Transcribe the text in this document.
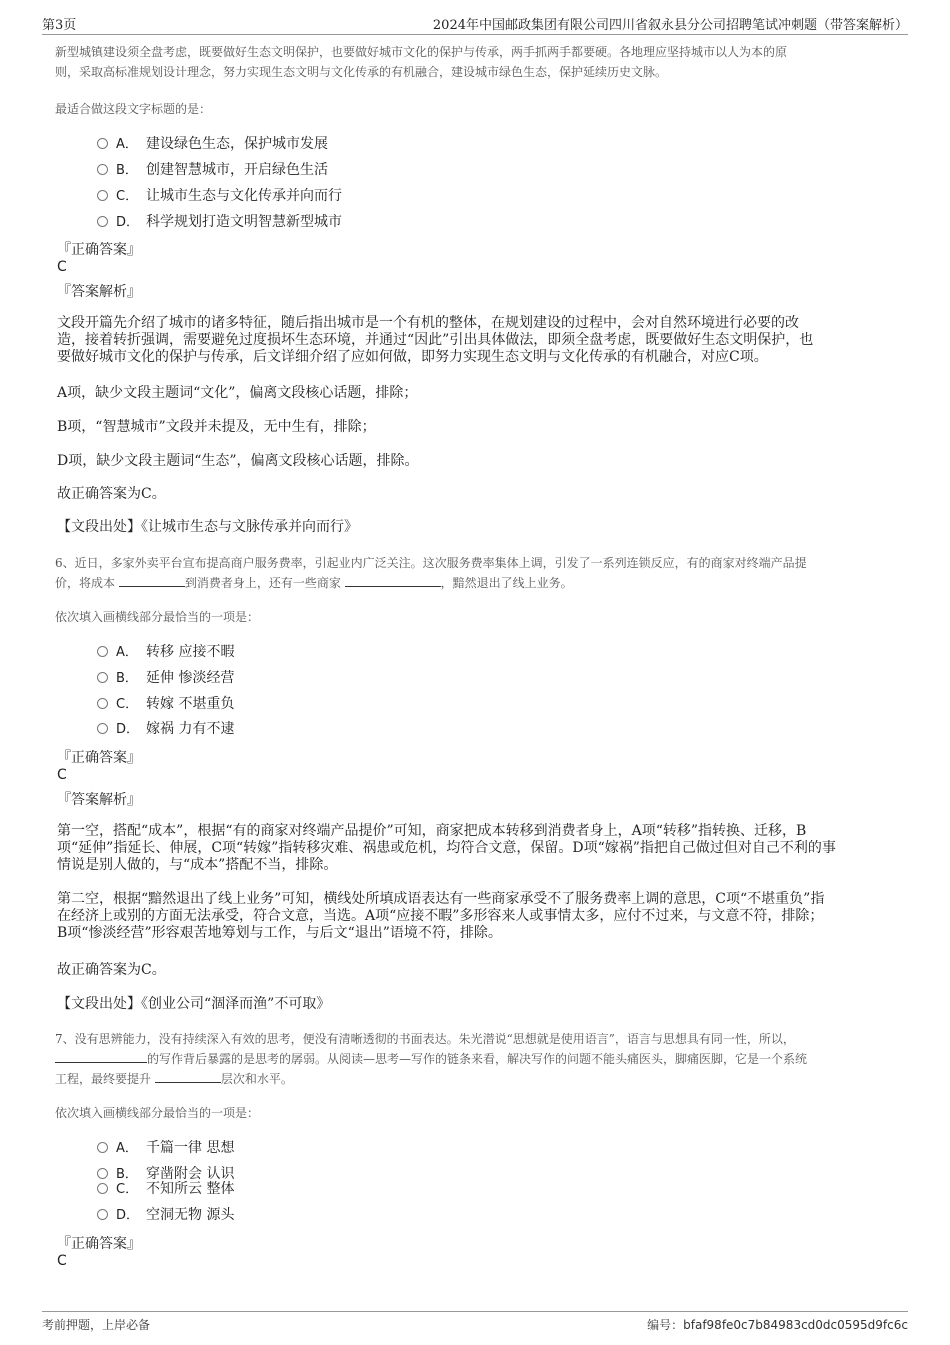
第3页	2024年中国邮政集团有限公司四川省叙永县分公司招聘笔试冲刺题（带答案解析）

新型城镇建设须全盘考虑，既要做好生态文明保护，也要做好城市文化的保护与传承，两手抓两手都要硬。各地理应坚持城市以人为本的原

则，采取高标准规划设计理念，努力实现生态文明与文化传承的有机融合，建设城市绿色生态，保护延续历史文脉。

最适合做这段文字标题的是：
A． 建设绿色生态，保护城市发展
B． 创建智慧城市，开启绿色生活
C． 让城市生态与文化传承并向而行
D． 科学规划打造文明智慧新型城市
『正确答案』
C
『答案解析』
文段开篇先介绍了城市的诸多特征，随后指出城市是一个有机的整体，在规划建设的过程中，会对自然环境进行必要的改
造，接着转折强调，需要避免过度损坏生态环境，并通过“因此”引出具体做法，即须全盘考虑，既要做好生态文明保护，也
要做好城市文化的保护与传承，后文详细介绍了应如何做，即努力实现生态文明与文化传承的有机融合，对应C项。
A项，缺少文段主题词“文化”，偏离文段核心话题，排除；
B项，“智慧城市”文段并未提及，无中生有，排除；
D项，缺少文段主题词“生态”，偏离文段核心话题，排除。
故正确答案为C。
【文段出处】《让城市生态与文脉传承并向而行》

6、近日，多家外卖平台宣布提高商户服务费率，引起业内广泛关注。这次服务费率集体上调，引发了一系列连锁反应，有的商家对终端产品提

价，将成本	到消费者身上，还有一些商家	，黯然退出了线上业务。

依次填入画横线部分最恰当的一项是：
A． 转移 应接不暇
B． 延伸 惨淡经营
C． 转嫁 不堪重负
D． 嫁祸 力有不逮
『正确答案』
C
『答案解析』
第一空，搭配“成本”，根据“有的商家对终端产品提价”可知，商家把成本转移到消费者身上，A项“转移”指转换、迁移，B
项“延伸”指延长、伸展，C项“转嫁”指转移灾难、祸患或危机，均符合文意，保留。D项“嫁祸”指把自己做过但对自己不利的事
情说是别人做的，与“成本”搭配不当，排除。
第二空，根据“黯然退出了线上业务”可知，横线处所填成语表达有一些商家承受不了服务费率上调的意思，C项“不堪重负”指
在经济上或别的方面无法承受，符合文意，当选。A项“应接不暇”多形容来人或事情太多，应付不过来，与文意不符，排除；
B项“惨淡经营”形容艰苦地筹划与工作，与后文“退出”语境不符，排除。
故正确答案为C。
【文段出处】《创业公司“涸泽而渔”不可取》

7、没有思辨能力，没有持续深入有效的思考，便没有清晰透彻的书面表达。朱光潜说“思想就是使用语言”，语言与思想具有同一性，所以，

的写作背后暴露的是思考的孱弱。从阅读—思考—写作的链条来看，解决写作的问题不能头痛医头，脚痛医脚，它是一个系统

工程，最终要提升	层次和水平。

依次填入画横线部分最恰当的一项是：
A． 千篇一律 思想
B． 穿凿附会 认识
C． 不知所云 整体
D． 空洞无物 源头
『正确答案』
C
考前押题，上岸必备	编号：bfaf98fe0c7b84983cd0dc0595d9fc6c
